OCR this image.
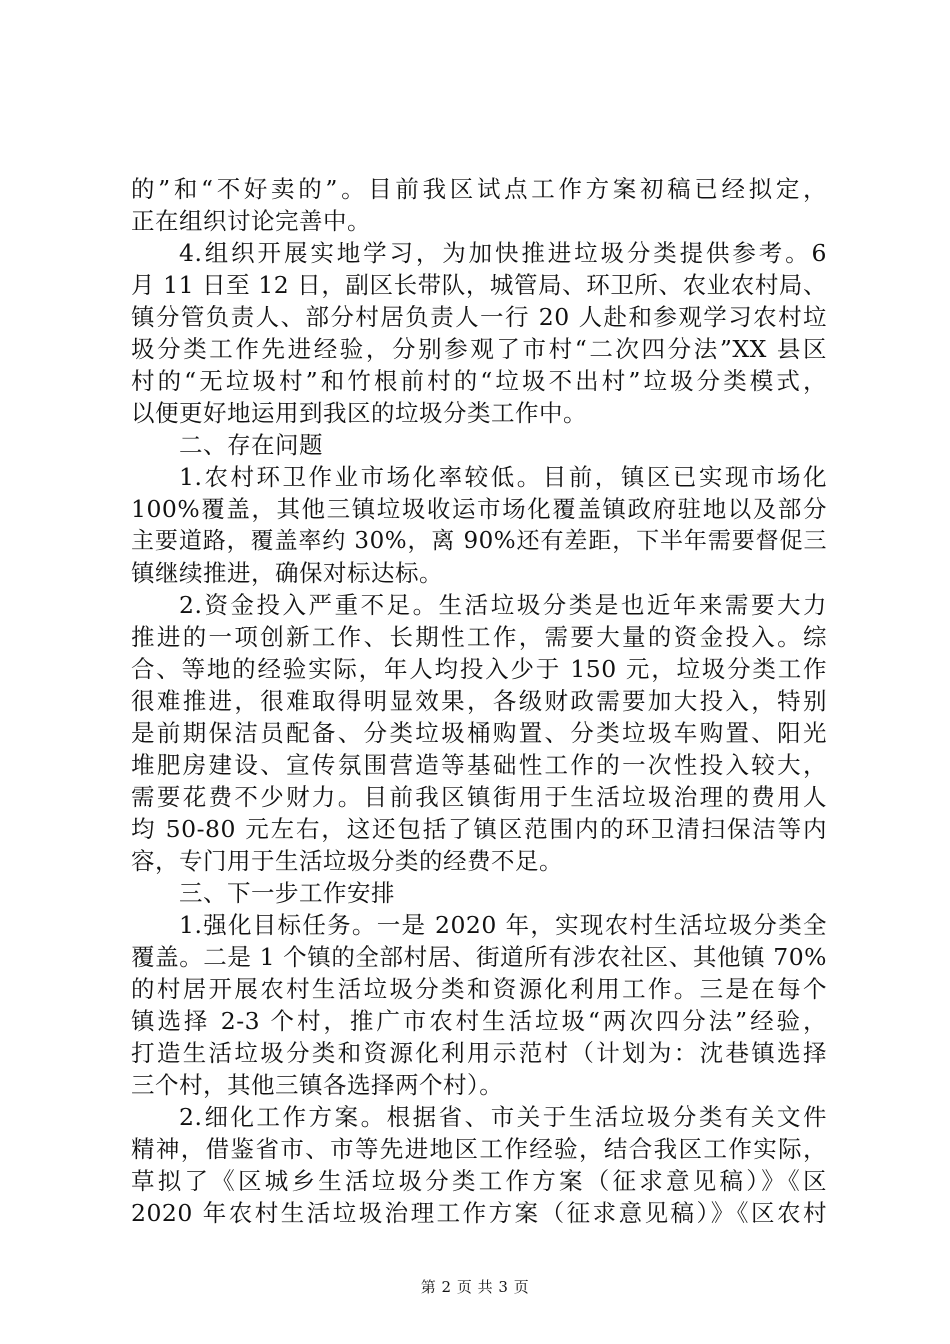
的”和“不好卖的”。目前我区试点工作方案初稿已经拟定，
正在组织讨论完善中。
4.组织开展实地学习，为加快推进垃圾分类提供参考。6
月 11 日至 12 日，副区长带队，城管局、环卫所、农业农村局、
镇分管负责人、部分村居负责人一行 20 人赴和参观学习农村垃
圾分类工作先进经验，分别参观了市村“二次四分法”XX 县区
村的“无垃圾村”和竹根前村的“垃圾不出村”垃圾分类模式，
以便更好地运用到我区的垃圾分类工作中。
二、存在问题
1.农村环卫作业市场化率较低。目前，镇区已实现市场化
100%覆盖，其他三镇垃圾收运市场化覆盖镇政府驻地以及部分
主要道路，覆盖率约 30%，离 90%还有差距，下半年需要督促三
镇继续推进，确保对标达标。
2.资金投入严重不足。生活垃圾分类是也近年来需要大力
推进的一项创新工作、长期性工作，需要大量的资金投入。综
合、等地的经验实际，年人均投入少于 150 元，垃圾分类工作
很难推进，很难取得明显效果，各级财政需要加大投入，特别
是前期保洁员配备、分类垃圾桶购置、分类垃圾车购置、阳光
堆肥房建设、宣传氛围营造等基础性工作的一次性投入较大，
需要花费不少财力。目前我区镇街用于生活垃圾治理的费用人
均 50-80 元左右，这还包括了镇区范围内的环卫清扫保洁等内
容，专门用于生活垃圾分类的经费不足。
三、下一步工作安排
1.强化目标任务。一是 2020 年，实现农村生活垃圾分类全
覆盖。二是 1 个镇的全部村居、街道所有涉农社区、其他镇 70%
的村居开展农村生活垃圾分类和资源化利用工作。三是在每个
镇选择 2-3 个村，推广市农村生活垃圾“两次四分法”经验，
打造生活垃圾分类和资源化利用示范村（计划为：沈巷镇选择
三个村，其他三镇各选择两个村）。
2.细化工作方案。根据省、市关于生活垃圾分类有关文件
精神，借鉴省市、市等先进地区工作经验，结合我区工作实际，
草拟了《区城乡生活垃圾分类工作方案（征求意见稿）》《区
2020 年农村生活垃圾治理工作方案（征求意见稿）》《区农村
第 2 页 共 3 页
